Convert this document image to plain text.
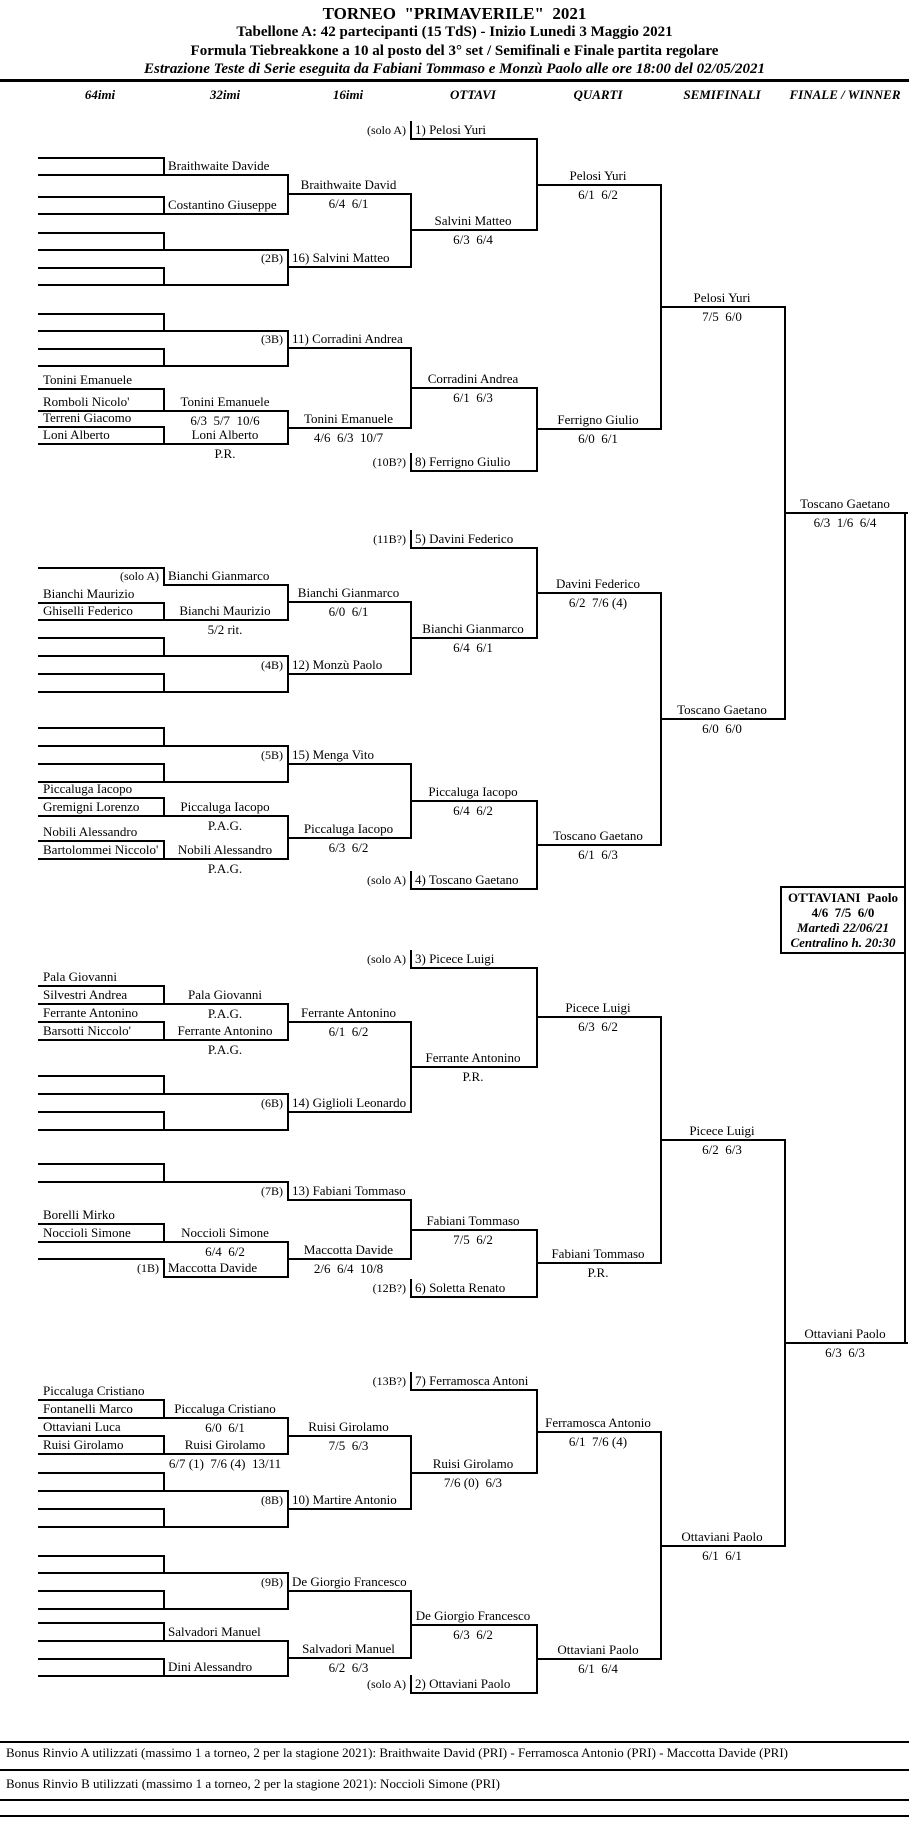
TORNEO  "PRIMAVERILE"  2021
Tabellone A: 42 partecipanti (15 TdS) - Inizio Lunedi 3 Maggio 2021
Formula Tiebreakkone a 10 al posto del 3° set / Semifinali e Finale partita regolare
Estrazione Teste di Serie eseguita da Fabiani Tommaso e Monzù Paolo alle ore 18:00 del 02/05/2021
OTTAVIANI  Paolo
4/6  7/5  6/0
Martedì 22/06/21
Centralino h. 20:30
Bonus Rinvio A utilizzati (massimo 1 a torneo, 2 per la stagione 2021): Braithwaite David (PRI) - Ferramosca Antonio (PRI) - Maccotta Davide (PRI)
Bonus Rinvio B utilizzati (massimo 1 a torneo, 2 per la stagione 2021): Noccioli Simone (PRI)
64imi	32imi	16imi	OTTAVI	QUARTI	SEMIFINALI	FINALE / WINNER
1) Pelosi Yuri
(solo A)
Braithwaite Davide
Costantino Giuseppe
Braithwaite David
6/4  6/1
16) Salvini Matteo
(2B)
Salvini Matteo
6/3  6/4
Pelosi Yuri
6/1  6/2
11) Corradini Andrea
(3B)
Tonini Emanuele
Romboli Nicolo'	Tonini Emanuele
6/3  5/7  10/6
Terreni Giacomo
Loni Alberto	Loni Alberto
P.R.
Tonini Emanuele
4/6  6/3  10/7
Corradini Andrea
6/1  6/3
8) Ferrigno Giulio
(10B?)
Ferrigno Giulio
6/0  6/1
Pelosi Yuri
7/5  6/0
5) Davini Federico
(11B?)
Bianchi Gianmarco
(solo A)
Bianchi Maurizio
Ghiselli Federico	Bianchi Maurizio
5/2 rit.
Bianchi Gianmarco
6/0  6/1
12) Monzù Paolo
(4B)
Bianchi Gianmarco
6/4  6/1
Davini Federico
6/2  7/6 (4)
15) Menga Vito
(5B)
Piccaluga Iacopo
Gremigni Lorenzo	Piccaluga Iacopo
P.A.G.
Nobili Alessandro
Bartolommei Niccolo'	Nobili Alessandro
P.A.G.
Piccaluga Iacopo
6/3  6/2
Piccaluga Iacopo
6/4  6/2
4) Toscano Gaetano
(solo A)
Toscano Gaetano
6/1  6/3
Toscano Gaetano
6/0  6/0
Toscano Gaetano
6/3  1/6  6/4
3) Picece Luigi
(solo A)
Pala Giovanni
Silvestri Andrea	Pala Giovanni
P.A.G.
Ferrante Antonino
Barsotti Niccolo'	Ferrante Antonino
P.A.G.
Ferrante Antonino
6/1  6/2
14) Giglioli Leonardo
(6B)
Ferrante Antonino
P.R.
Picece Luigi
6/3  6/2
13) Fabiani Tommaso
(7B)
Borelli Mirko
Noccioli Simone	Noccioli Simone
6/4  6/2
Maccotta Davide
(1B)
Maccotta Davide
2/6  6/4  10/8
Fabiani Tommaso
7/5  6/2
6) Soletta Renato
(12B?)
Fabiani Tommaso
P.R.
Picece Luigi
6/2  6/3
7) Ferramosca Antoni
(13B?)
Piccaluga Cristiano
Fontanelli Marco	Piccaluga Cristiano
6/0  6/1
Ottaviani Luca
Ruisi Girolamo	Ruisi Girolamo
6/7 (1)  7/6 (4)  13/11
Ruisi Girolamo
7/5  6/3
10) Martire Antonio
(8B)
Ruisi Girolamo
7/6 (0)  6/3
Ferramosca Antonio
6/1  7/6 (4)
De Giorgio Francesco
(9B)
Salvadori Manuel
Dini Alessandro
Salvadori Manuel
6/2  6/3
De Giorgio Francesco
6/3  6/2
2) Ottaviani Paolo
(solo A)
Ottaviani Paolo
6/1  6/4
Ottaviani Paolo
6/1  6/1
Ottaviani Paolo
6/3  6/3
